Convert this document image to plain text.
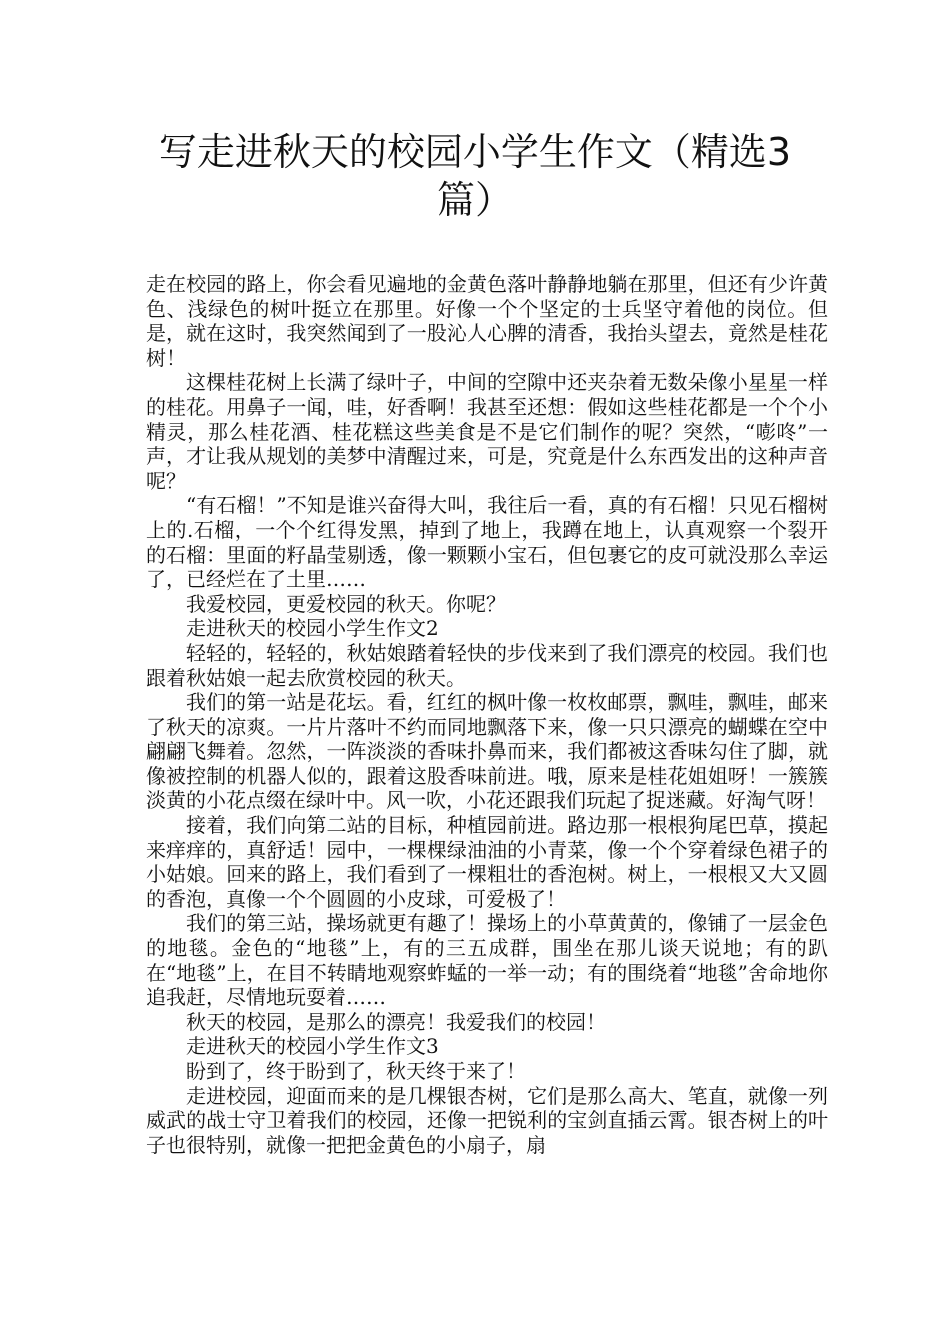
写走进秋天的校园小学生作文（精选3篇）

走在校园的路上，你会看见遍地的金黄色落叶静静地躺在那里，但还有少许黄色、浅绿色的树叶挺立在那里。好像一个个坚定的士兵坚守着他的岗位。但是，就在这时，我突然闻到了一股沁人心脾的清香，我抬头望去，竟然是桂花树！

这棵桂花树上长满了绿叶子，中间的空隙中还夹杂着无数朵像小星星一样的桂花。用鼻子一闻，哇，好香啊！我甚至还想：假如这些桂花都是一个个小精灵，那么桂花酒、桂花糕这些美食是不是它们制作的呢？突然，“嘭咚”一声，才让我从规划的美梦中清醒过来，可是，究竟是什么东西发出的这种声音呢？

“有石榴！”不知是谁兴奋得大叫，我往后一看，真的有石榴！只见石榴树上的.石榴，一个个红得发黑，掉到了地上，我蹲在地上，认真观察一个裂开的石榴：里面的籽晶莹剔透，像一颗颗小宝石，但包裹它的皮可就没那么幸运了，已经烂在了土里……

我爱校园，更爱校园的秋天。你呢？

走进秋天的校园小学生作文2

轻轻的，轻轻的，秋姑娘踏着轻快的步伐来到了我们漂亮的校园。我们也跟着秋姑娘一起去欣赏校园的秋天。

我们的第一站是花坛。看，红红的枫叶像一枚枚邮票，飘哇，飘哇，邮来了秋天的凉爽。一片片落叶不约而同地飘落下来，像一只只漂亮的蝴蝶在空中翩翩飞舞着。忽然，一阵淡淡的香味扑鼻而来，我们都被这香味勾住了脚，就像被控制的机器人似的，跟着这股香味前进。哦，原来是桂花姐姐呀！一簇簇淡黄的小花点缀在绿叶中。风一吹，小花还跟我们玩起了捉迷藏。好淘气呀！

接着，我们向第二站的目标，种植园前进。路边那一根根狗尾巴草，摸起来痒痒的，真舒适！园中，一棵棵绿油油的小青菜，像一个个穿着绿色裙子的小姑娘。回来的路上，我们看到了一棵粗壮的香泡树。树上，一根根又大又圆的香泡，真像一个个圆圆的小皮球，可爱极了！

我们的第三站，操场就更有趣了！操场上的小草黄黄的，像铺了一层金色的地毯。金色的“地毯”上，有的三五成群，围坐在那儿谈天说地；有的趴在“地毯”上，在目不转睛地观察蚱蜢的一举一动；有的围绕着“地毯”舍命地你追我赶，尽情地玩耍着……

秋天的校园，是那么的漂亮！我爱我们的校园！

走进秋天的校园小学生作文3

盼到了，终于盼到了，秋天终于来了！

走进校园，迎面而来的是几棵银杏树，它们是那么高大、笔直，就像一列威武的战士守卫着我们的校园，还像一把锐利的宝剑直插云霄。银杏树上的叶子也很特别，就像一把把金黄色的小扇子，扇
